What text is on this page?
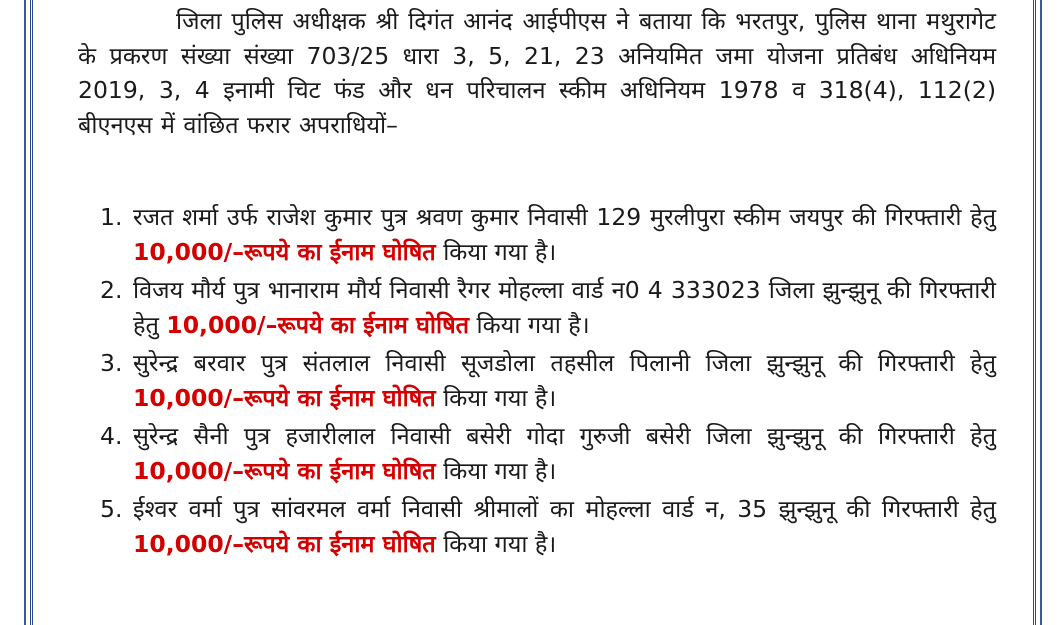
जिला पुलिस अधीक्षक श्री दिगंत आनंद आईपीएस ने बताया कि भरतपुर, पुलिस थाना मथुरागेट के प्रकरण संख्या संख्या 703/25 धारा 3, 5, 21, 23 अनियमित जमा योजना प्रतिबंध अधिनियम 2019, 3, 4 इनामी चिट फंड और धन परिचालन स्कीम अधिनियम 1978 व 318(4), 112(2) बीएनएस में वांछित फरार अपराधियों–

1. रजत शर्मा उर्फ राजेश कुमार पुत्र श्रवण कुमार निवासी 129 मुरलीपुरा स्कीम जयपुर की गिरफ्तारी हेतु 10,000/–रूपये का ईनाम घोषित किया गया है।
2. विजय मौर्य पुत्र भानाराम मौर्य निवासी रैगर मोहल्ला वार्ड न0 4 333023 जिला झुन्झुनू की गिरफ्तारी हेतु 10,000/–रूपये का ईनाम घोषित किया गया है।
3. सुरेन्द्र बरवार पुत्र संतलाल निवासी सूजडोला तहसील पिलानी जिला झुन्झुनू की गिरफ्तारी हेतु 10,000/–रूपये का ईनाम घोषित किया गया है।
4. सुरेन्द्र सैनी पुत्र हजारीलाल निवासी बसेरी गोदा गुरुजी बसेरी जिला झुन्झुनू की गिरफ्तारी हेतु 10,000/–रूपये का ईनाम घोषित किया गया है।
5. ईश्वर वर्मा पुत्र सांवरमल वर्मा निवासी श्रीमालों का मोहल्ला वार्ड न, 35 झुन्झुनू की गिरफ्तारी हेतु 10,000/–रूपये का ईनाम घोषित किया गया है।
